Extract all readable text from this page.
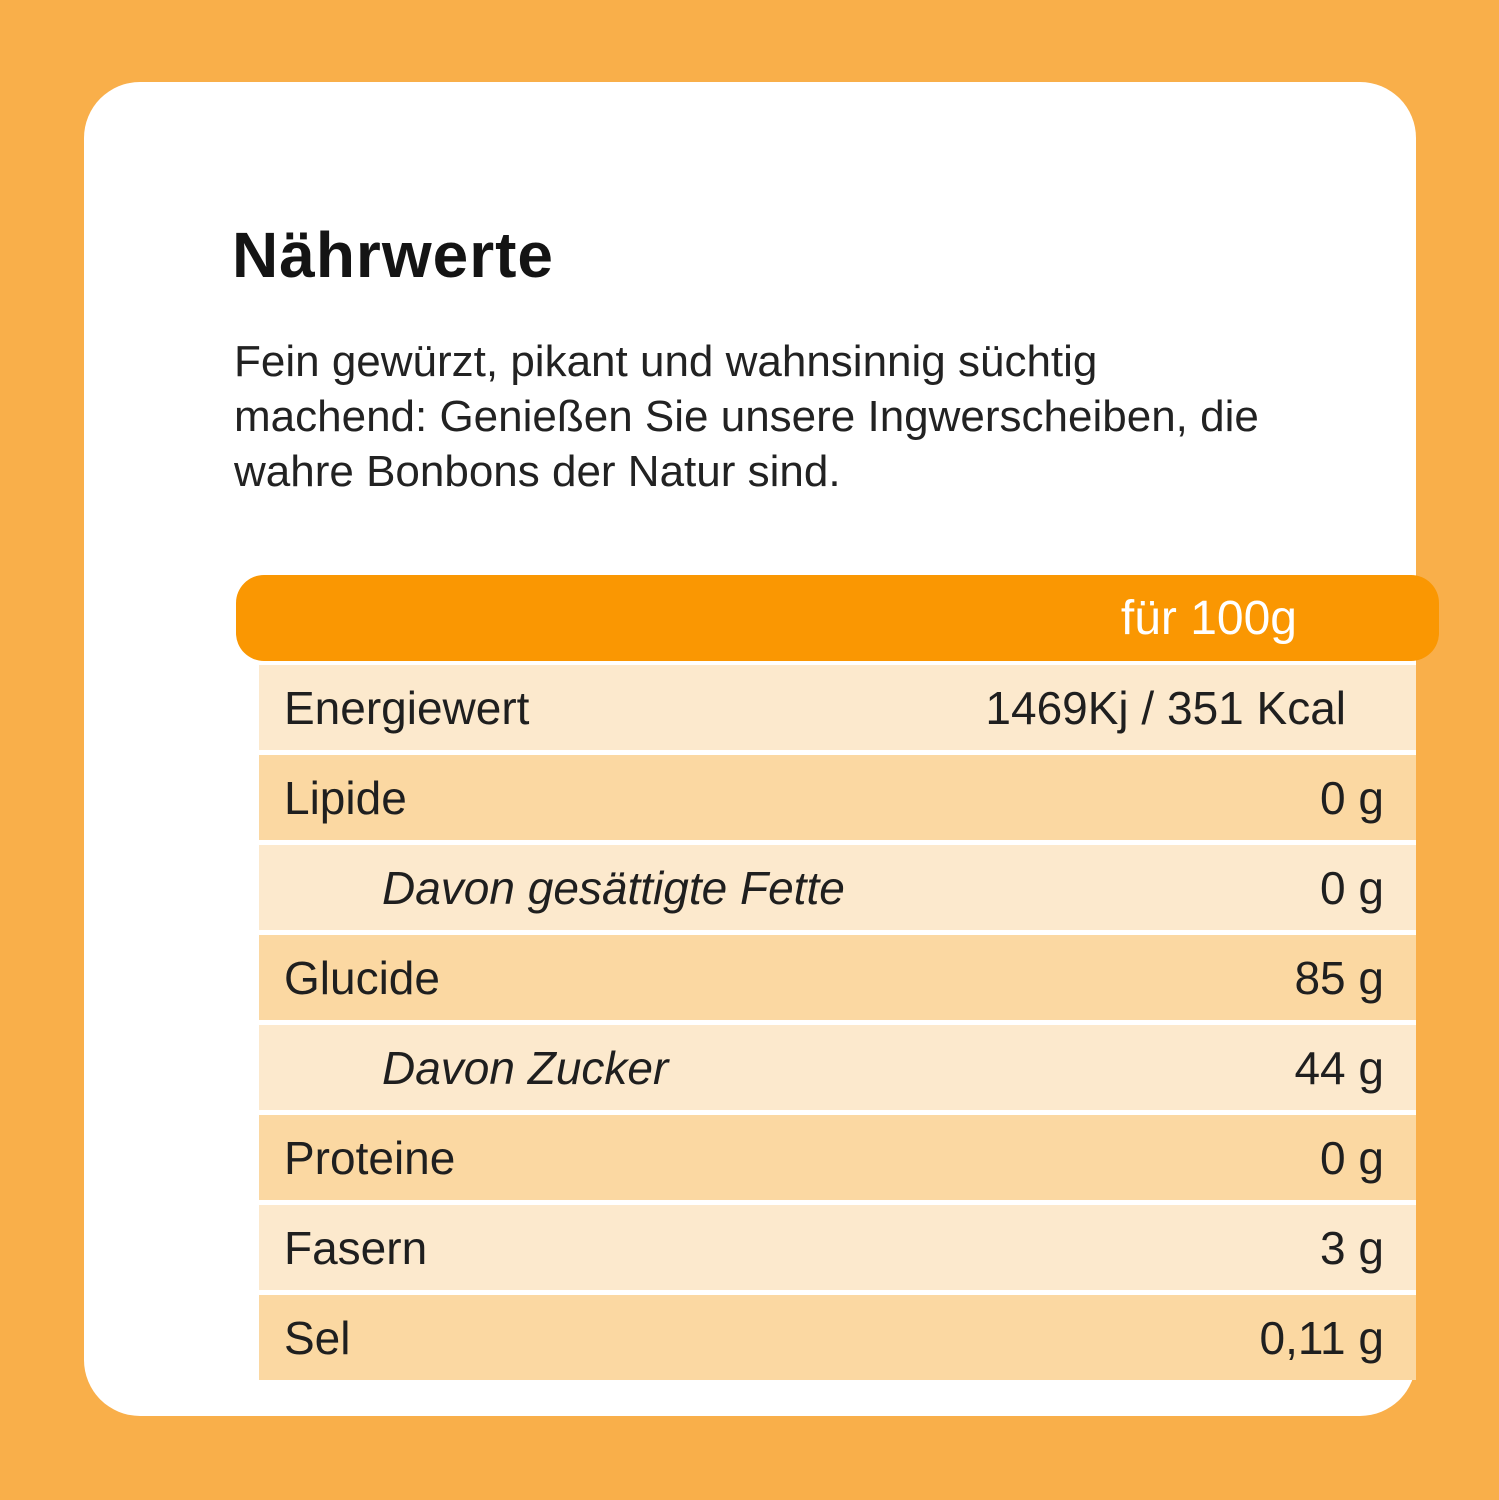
Nährwerte
Fein gewürzt, pikant und wahnsinnig süchtig
machend: Genießen Sie unsere Ingwerscheiben, die
wahre Bonbons der Natur sind.
für 100g
Energiewert	1469Kj / 351 Kcal
Lipide	0 g
Davon gesättigte Fette	0 g
Glucide	85 g
Davon Zucker	44 g
Proteine	0 g
Fasern	3 g
Sel	0,11 g
